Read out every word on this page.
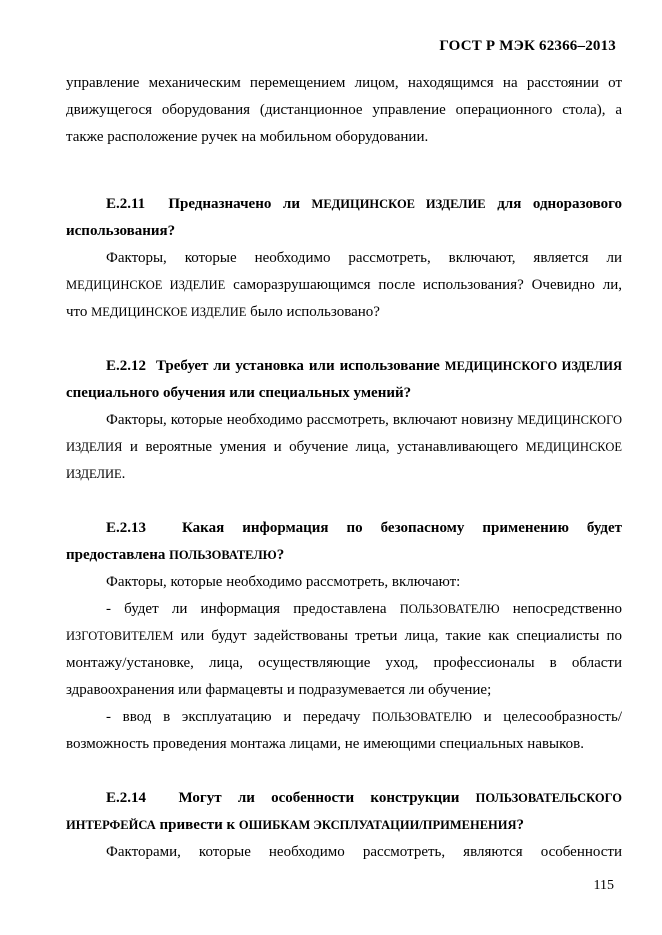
ГОСТ Р МЭК 62366–2013

управление механическим перемещением лицом, находящимся на расстоянии от движущегося оборудования (дистанционное управление операционного стола), а также расположение ручек на мобильном оборудовании.

Е.2.11 Предназначено ли МЕДИЦИНСКОЕ ИЗДЕЛИЕ для одноразового использования?

Факторы, которые необходимо рассмотреть, включают, является ли МЕДИЦИНСКОЕ ИЗДЕЛИЕ саморазрушающимся после использования? Очевидно ли, что МЕДИЦИНСКОЕ ИЗДЕЛИЕ было использовано?

Е.2.12 Требует ли установка или использование МЕДИЦИНСКОГО ИЗДЕЛИЯ специального обучения или специальных умений?

Факторы, которые необходимо рассмотреть, включают новизну МЕДИЦИНСКОГО ИЗДЕЛИЯ и вероятные умения и обучение лица, устанавливающего МЕДИЦИНСКОЕ ИЗДЕЛИЕ.

Е.2.13 Какая информация по безопасному применению будет предоставлена ПОЛЬЗОВАТЕЛЮ?

Факторы, которые необходимо рассмотреть, включают:

- будет ли информация предоставлена ПОЛЬЗОВАТЕЛЮ непосредственно ИЗГОТОВИТЕЛЕМ или будут задействованы третьи лица, такие как специалисты по монтажу/установке, лица, осуществляющие уход, профессионалы в области здравоохранения или фармацевты и подразумевается ли обучение;

- ввод в эксплуатацию и передачу ПОЛЬЗОВАТЕЛЮ и целесообразность/возможность проведения монтажа лицами, не имеющими специальных навыков.

Е.2.14 Могут ли особенности конструкции ПОЛЬЗОВАТЕЛЬСКОГО ИНТЕРФЕЙСА привести к ОШИБКАМ ЭКСПЛУАТАЦИИ/ПРИМЕНЕНИЯ?

Факторами, которые необходимо рассмотреть, являются особенности

115
